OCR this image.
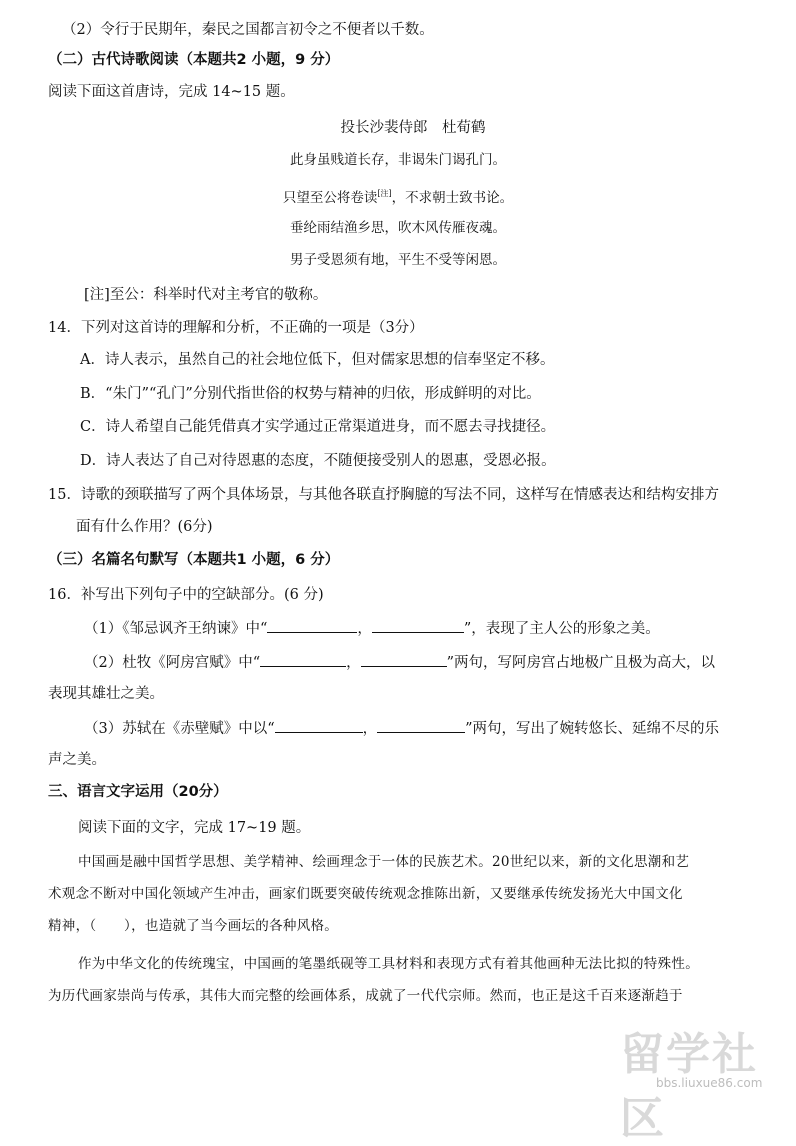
（2）令行于民期年，秦民之国都言初令之不便者以千数。
（二）古代诗歌阅读（本题共2 小题，9 分）
阅读下面这首唐诗，完成 14~15 题。
投长沙裴侍郎　杜荀鹤
此身虽贱道长存，非谒朱门谒孔门。
只望至公将卷读[注]，不求朝士致书论。
垂纶雨结渔乡思，吹木风传雁夜魂。
男子受恩须有地，平生不受等闲恩。
[注]至公：科举时代对主考官的敬称。
14．下列对这首诗的理解和分析，不正确的一项是（3分）
A．诗人表示，虽然自己的社会地位低下，但对儒家思想的信奉坚定不移。
B．“朱门”“孔门”分别代指世俗的权势与精神的归依，形成鲜明的对比。
C．诗人希望自己能凭借真才实学通过正常渠道进身，而不愿去寻找捷径。
D．诗人表达了自己对待恩惠的态度，不随便接受别人的恩惠，受恩必报。
15．诗歌的颈联描写了两个具体场景，与其他各联直抒胸臆的写法不同，这样写在情感表达和结构安排方
面有什么作用？(6分)
（三）名篇名句默写（本题共1 小题，6 分）
16．补写出下列句子中的空缺部分。(6 分)
（1）《邹忌讽齐王纳谏》中“	，	”，表现了主人公的形象之美。
（2）杜牧《阿房宫赋》中“	，	”两句，写阿房宫占地极广且极为高大，以
表现其雄壮之美。
（3）苏轼在《赤壁赋》中以“	，	”两句，写出了婉转悠长、延绵不尽的乐
声之美。
三、语言文字运用（20分）
阅读下面的文字，完成 17~19 题。
中国画是融中国哲学思想、美学精神、绘画理念于一体的民族艺术。20世纪以来，新的文化思潮和艺
术观念不断对中国化领域产生冲击，画家们既要突破传统观念推陈出新，又要继承传统发扬光大中国文化
精神，（　　），也造就了当今画坛的各种风格。
作为中华文化的传统瑰宝，中国画的笔墨纸砚等工具材料和表现方式有着其他画种无法比拟的特殊性。
为历代画家崇尚与传承，其伟大而完整的绘画体系，成就了一代代宗师。然而，也正是这千百来逐渐趋于
留学社区
bbs.liuxue86.com
